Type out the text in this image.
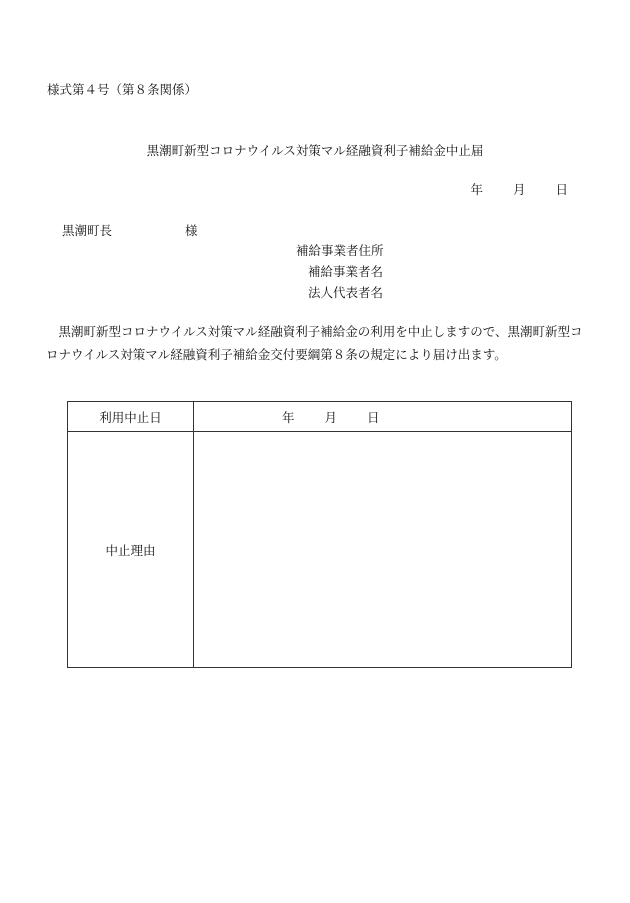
様式第４号（第８条関係）
黒潮町新型コロナウイルス対策マル経融資利子補給金中止届
年 月 日
黒潮町長	様
補給事業者住所
補給事業者名
法人代表者名
黒潮町新型コロナウイルス対策マル経融資利子補給金の利用を中止しますので、黒潮町新型コロナウイルス対策マル経融資利子補給金交付要綱第８条の規定により届け出ます。
利用中止日	年 月 日
中止理由	
